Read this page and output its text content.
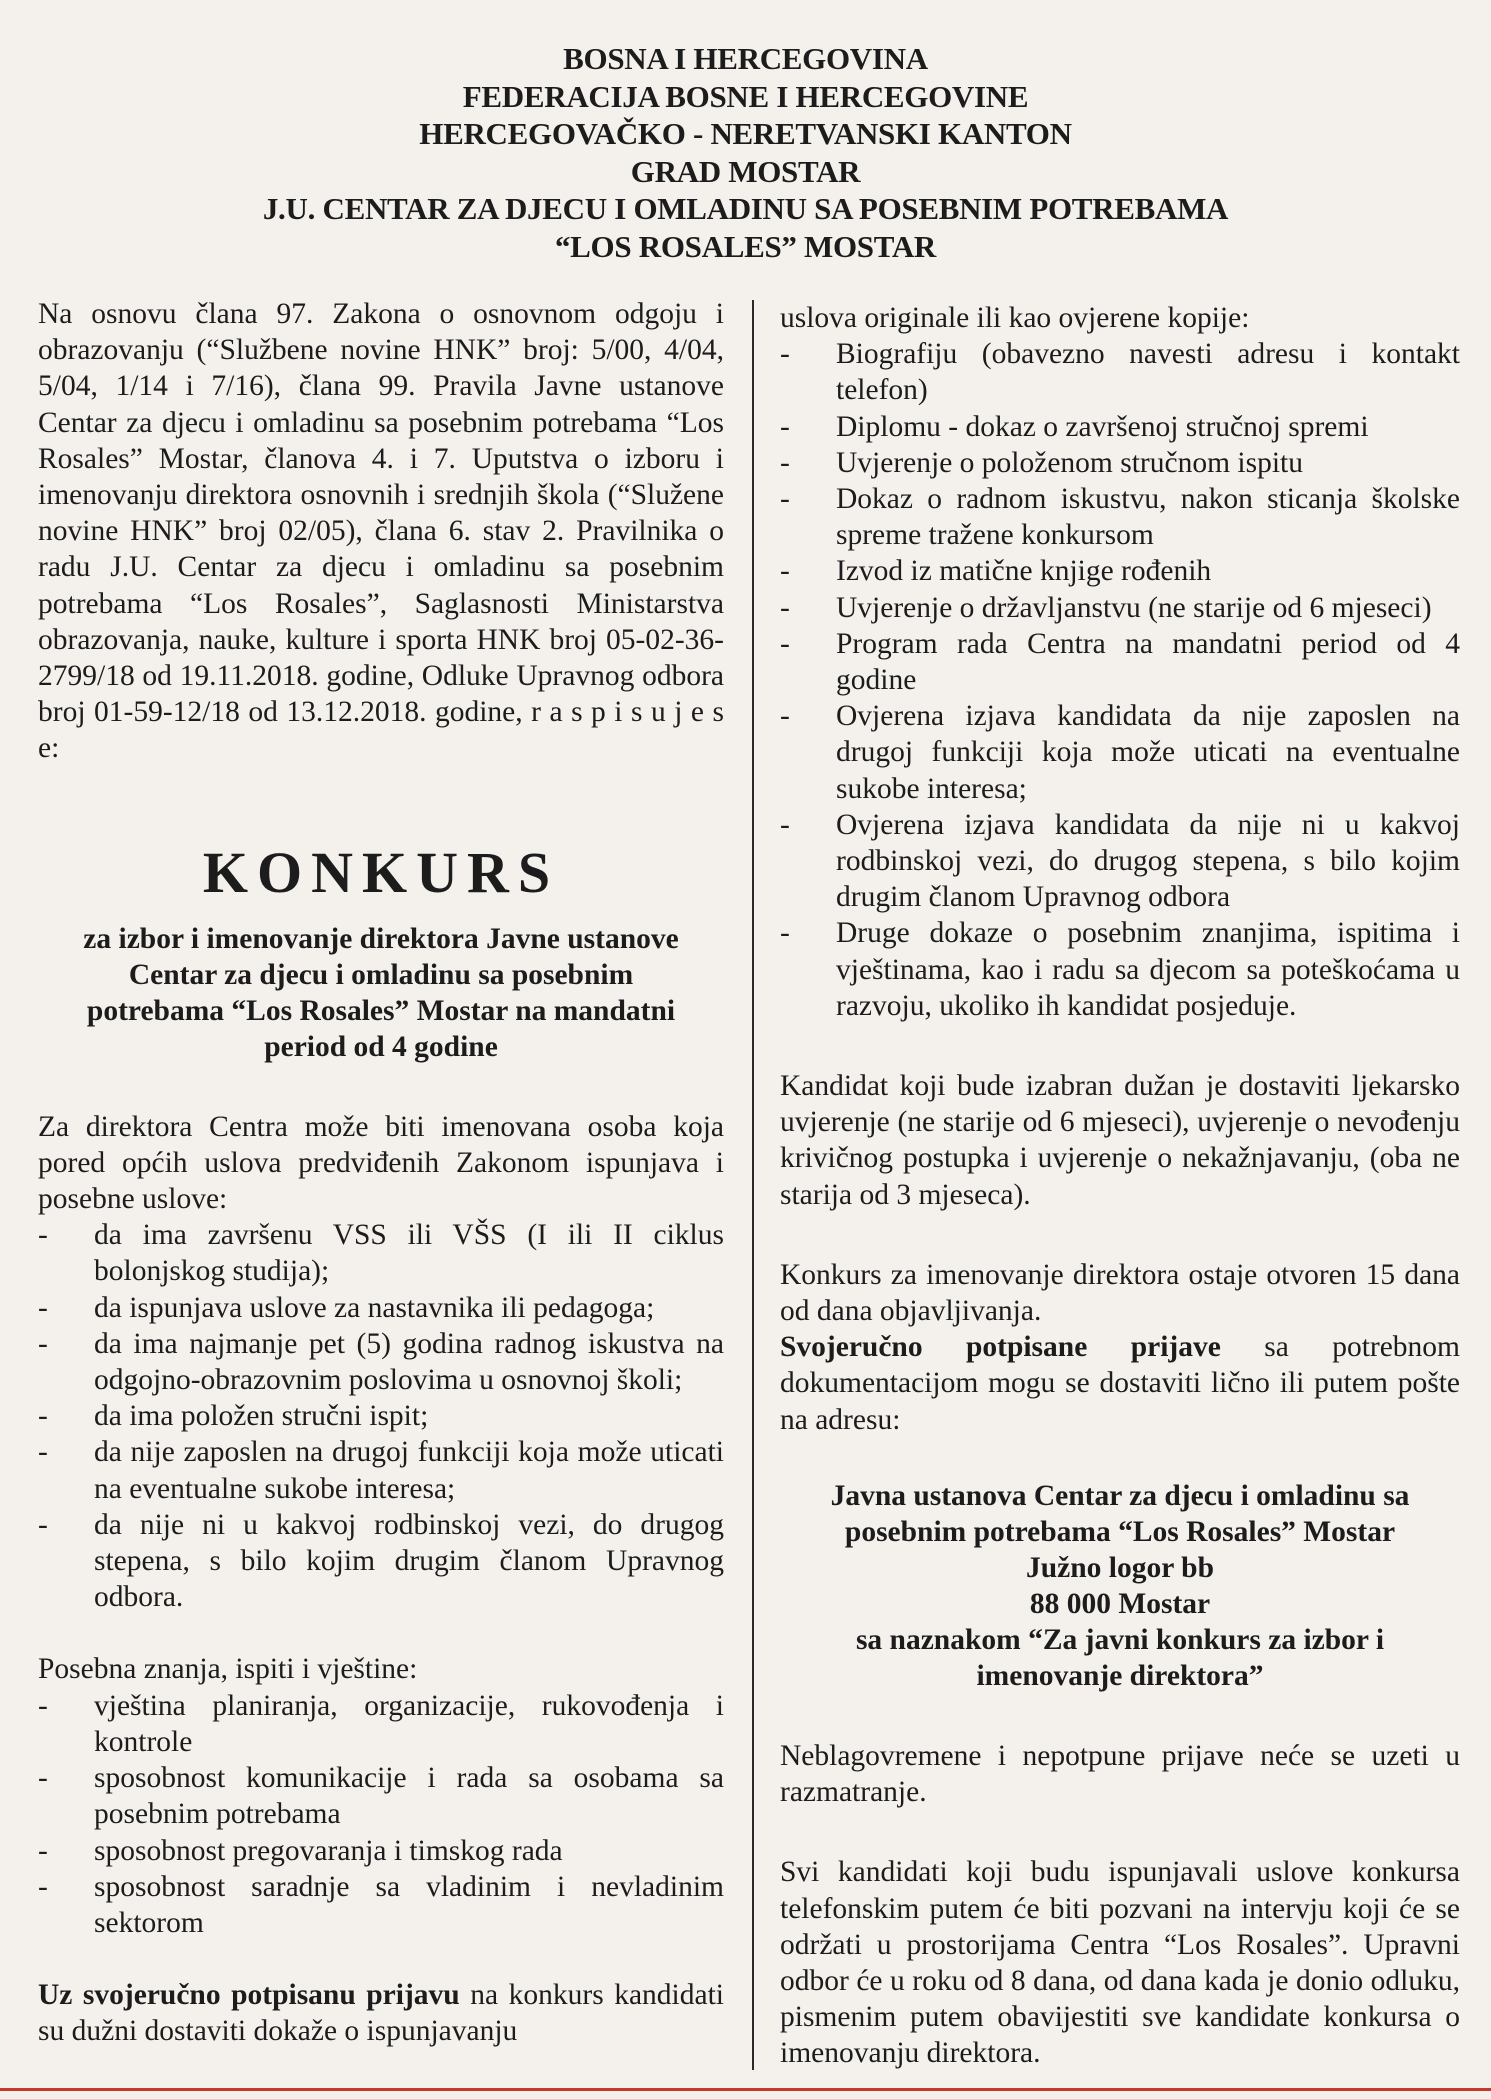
BOSNA I HERCEGOVINA
FEDERACIJA BOSNE I HERCEGOVINE
HERCEGOVAČKO - NERETVANSKI KANTON
GRAD MOSTAR
J.U. CENTAR ZA DJECU I OMLADINU SA POSEBNIM POTREBAMA
“LOS ROSALES” MOSTAR

Na osnovu člana 97. Zakona o osnovnom odgoju i obrazovanju (“Službene novine HNK” broj: 5/00, 4/04, 5/04, 1/14 i 7/16), člana 99. Pravila Javne ustanove Centar za djecu i omladinu sa posebnim potrebama “Los Rosales” Mostar, članova 4. i 7. Uputstva o izboru i imenovanju direktora osnovnih i srednjih škola (“Služene novine HNK” broj 02/05), člana 6. stav 2. Pravilnika o radu J.U. Centar za djecu i omladinu sa posebnim potrebama “Los Rosales”, Saglasnosti Ministarstva obrazovanja, nauke, kulture i sporta HNK broj 05-02-36-2799/18 od 19.11.2018. godine, Odluke Upravnog odbora broj 01-59-12/18 od 13.12.2018. godine, r a s p i s u j e s e:

KONKURS
za izbor i imenovanje direktora Javne ustanove Centar za djecu i omladinu sa posebnim potrebama “Los Rosales” Mostar na mandatni period od 4 godine

Za direktora Centra može biti imenovana osoba koja pored općih uslova predviđenih Zakonom ispunjava i posebne uslove:

- da ima završenu VSS ili VŠS (I ili II ciklus bolonjskog studija);
- da ispunjava uslove za nastavnika ili pedagoga;
- da ima najmanje pet (5) godina radnog iskustva na odgojno-obrazovnim poslovima u osnovnoj školi;
- da ima položen stručni ispit;
- da nije zaposlen na drugoj funkciji koja može uticati na eventualne sukobe interesa;
- da nije ni u kakvoj rodbinskoj vezi, do drugog stepena, s bilo kojim drugim članom Upravnog odbora.

Posebna znanja, ispiti i vještine:

- vještina planiranja, organizacije, rukovođenja i kontrole
- sposobnost komunikacije i rada sa osobama sa posebnim potrebama
- sposobnost pregovaranja i timskog rada
- sposobnost saradnje sa vladinim i nevladinim sektorom

Uz svojeručno potpisanu prijavu na konkurs kandidati su dužni dostaviti dokaže o ispunjavanju

uslova originale ili kao ovjerene kopije:

- Biografiju (obavezno navesti adresu i kontakt telefon)
- Diplomu - dokaz o završenoj stručnoj spremi
- Uvjerenje o položenom stručnom ispitu
- Dokaz o radnom iskustvu, nakon sticanja školske spreme tražene konkursom
- Izvod iz matične knjige rođenih
- Uvjerenje o državljanstvu (ne starije od 6 mjeseci)
- Program rada Centra na mandatni period od 4 godine
- Ovjerena izjava kandidata da nije zaposlen na drugoj funkciji koja može uticati na eventualne sukobe interesa;
- Ovjerena izjava kandidata da nije ni u kakvoj rodbinskoj vezi, do drugog stepena, s bilo kojim drugim članom Upravnog odbora
- Druge dokaze o posebnim znanjima, ispitima i vještinama, kao i radu sa djecom sa poteškoćama u razvoju, ukoliko ih kandidat posjeduje.

Kandidat koji bude izabran dužan je dostaviti ljekarsko uvjerenje (ne starije od 6 mjeseci), uvjerenje o nevođenju krivičnog postupka i uvjerenje o nekažnjavanju, (oba ne starija od 3 mjeseca).

Konkurs za imenovanje direktora ostaje otvoren 15 dana od dana objavljivanja.

Svojeručno potpisane prijave sa potrebnom dokumentacijom mogu se dostaviti lično ili putem pošte na adresu:

Javna ustanova Centar za djecu i omladinu sa
posebnim potrebama “Los Rosales” Mostar
Južno logor bb
88 000 Mostar
sa naznakom “Za javni konkurs za izbor i
imenovanje direktora”

Neblagovremene i nepotpune prijave neće se uzeti u razmatranje.

Svi kandidati koji budu ispunjavali uslove konkursa telefonskim putem će biti pozvani na intervju koji će se održati u prostorijama Centra “Los Rosales”. Upravni odbor će u roku od 8 dana, od dana kada je donio odluku, pismenim putem obavijestiti sve kandidate konkursa o imenovanju direktora.
